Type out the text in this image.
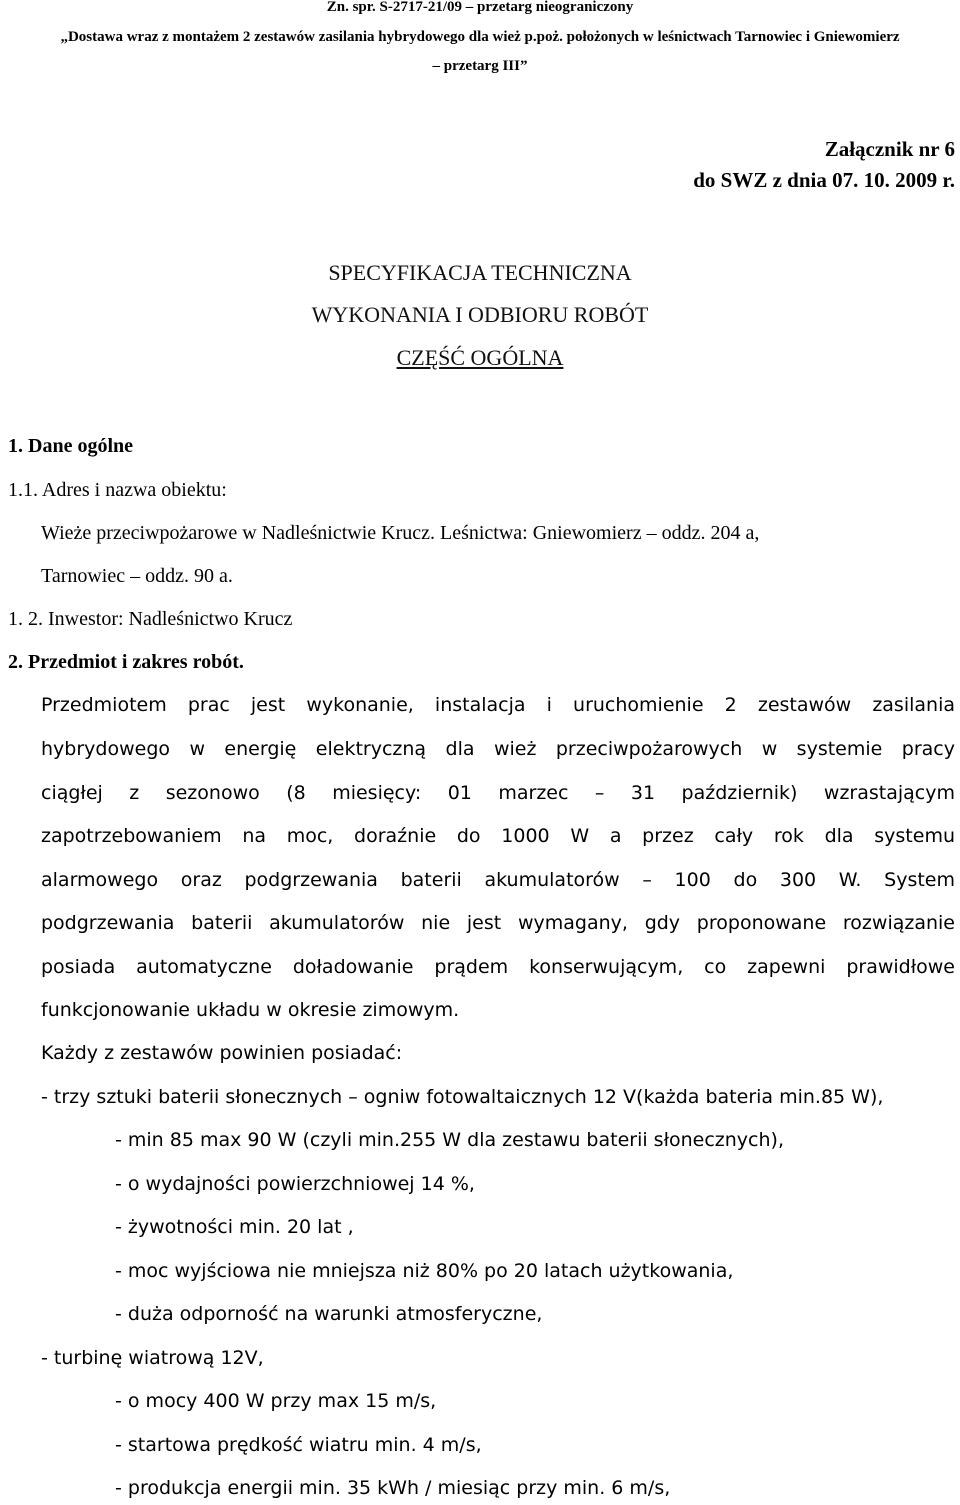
Zn. spr. S-2717-21/09 – przetarg nieograniczony
„Dostawa wraz z montażem 2 zestawów zasilania hybrydowego dla wież p.poż. położonych w leśnictwach Tarnowiec i Gniewomierz
– przetarg III”
Załącznik nr 6
do SWZ z dnia 07. 10. 2009 r.
SPECYFIKACJA TECHNICZNA
WYKONANIA I ODBIORU ROBÓT
CZĘŚĆ OGÓLNA
1. Dane ogólne
1.1. Adres i nazwa obiektu:
Wieże przeciwpożarowe w Nadleśnictwie Krucz. Leśnictwa: Gniewomierz – oddz. 204 a,
Tarnowiec – oddz. 90 a.
1. 2. Inwestor: Nadleśnictwo Krucz
2. Przedmiot i zakres robót.
Przedmiotem prac jest wykonanie, instalacja i uruchomienie 2 zestawów zasilania
hybrydowego w energię elektryczną dla wież przeciwpożarowych w systemie pracy
ciągłej z sezonowo (8 miesięcy: 01 marzec – 31 październik) wzrastającym
zapotrzebowaniem na moc, doraźnie do 1000 W a przez cały rok dla systemu
alarmowego oraz podgrzewania baterii akumulatorów – 100 do 300 W. System
podgrzewania baterii akumulatorów nie jest wymagany, gdy proponowane rozwiązanie
posiada automatyczne doładowanie prądem konserwującym, co zapewni prawidłowe
funkcjonowanie układu w okresie zimowym.
Każdy z zestawów powinien posiadać:
- trzy sztuki baterii słonecznych – ogniw fotowaltaicznych 12 V(każda bateria min.85 W),
- min 85 max 90 W (czyli min.255 W dla zestawu baterii słonecznych),
- o wydajności powierzchniowej 14 %,
- żywotności min. 20 lat ,
- moc wyjściowa nie mniejsza niż 80% po 20 latach użytkowania,
- duża odporność na warunki atmosferyczne,
- turbinę wiatrową 12V,
- o mocy 400 W przy max 15 m/s,
- startowa prędkość wiatru min. 4 m/s,
- produkcja energii min. 35 kWh / miesiąc przy min. 6 m/s,
